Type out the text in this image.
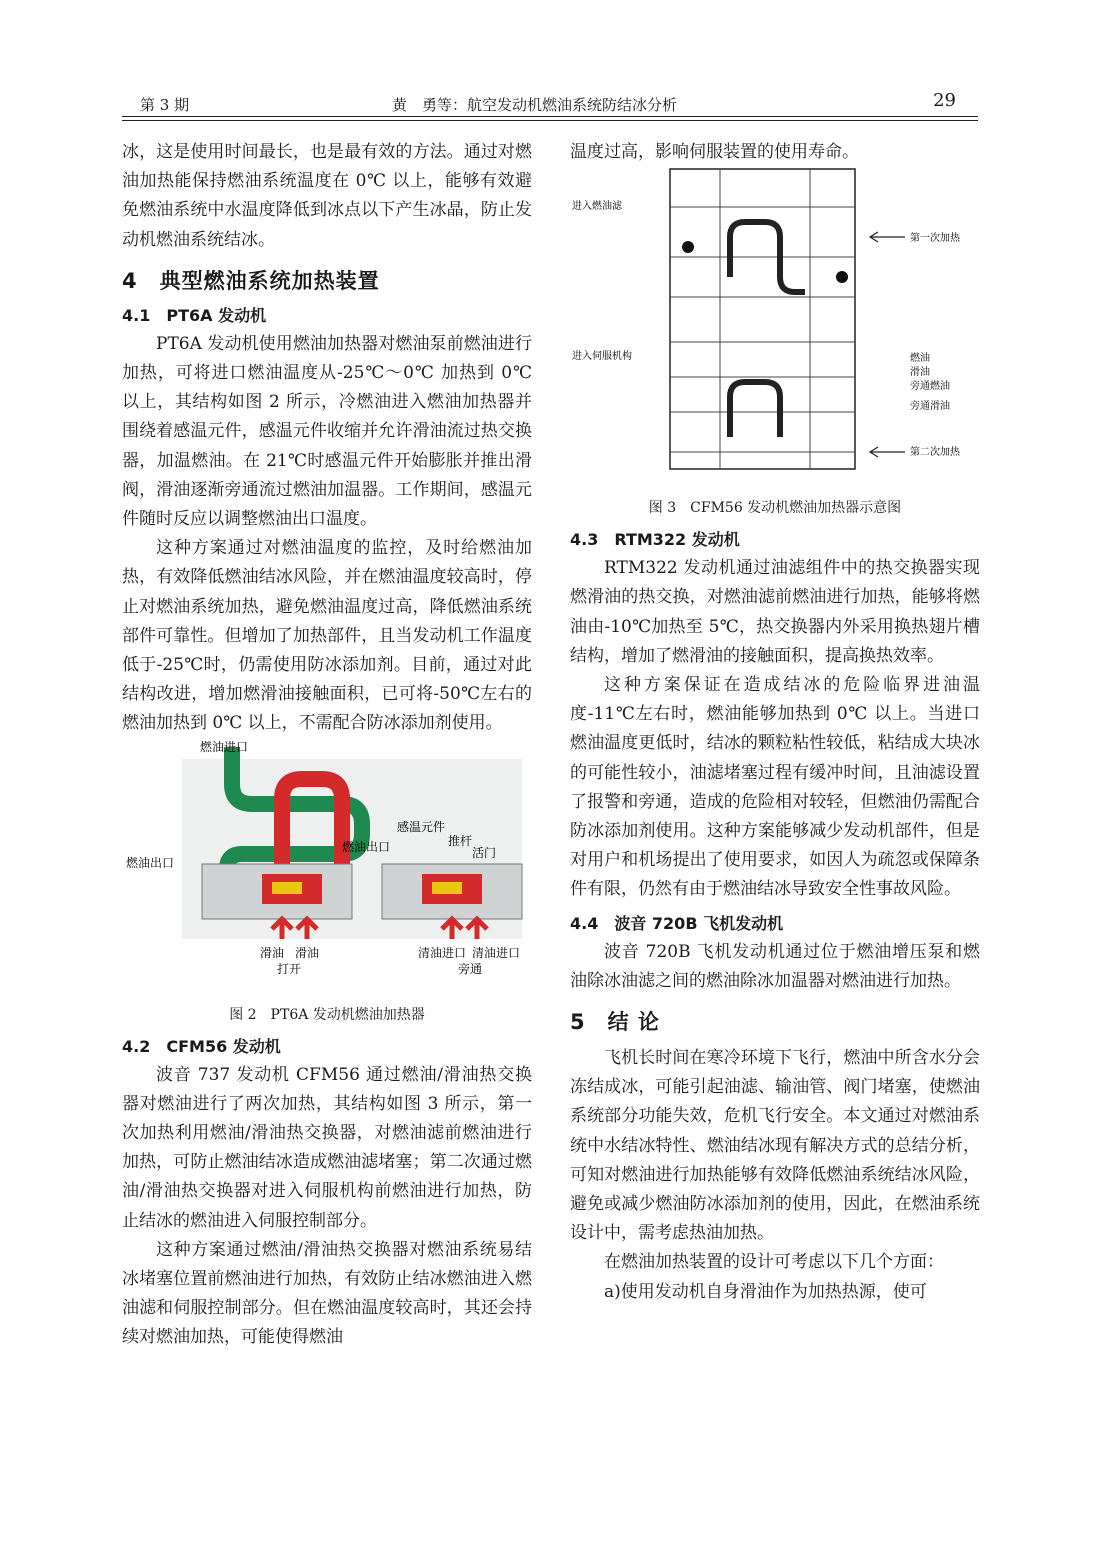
第 3 期	黄　勇等：航空发动机燃油系统防结冰分析	29

冰，这是使用时间最长，也是最有效的方法。通过对燃油加热能保持燃油系统温度在 0℃ 以上，能够有效避免燃油系统中水温度降低到冰点以下产生冰晶，防止发动机燃油系统结冰。

4　典型燃油系统加热装置
4.1　PT6A 发动机

PT6A 发动机使用燃油加热器对燃油泵前燃油进行加热，可将进口燃油温度从-25℃～0℃ 加热到 0℃ 以上，其结构如图 2 所示，冷燃油进入燃油加热器并围绕着感温元件，感温元件收缩并允许滑油流过热交换器，加温燃油。在 21℃时感温元件开始膨胀并推出滑阀，滑油逐渐旁通流过燃油加温器。工作期间，感温元件随时反应以调整燃油出口温度。

这种方案通过对燃油温度的监控，及时给燃油加热，有效降低燃油结冰风险，并在燃油温度较高时，停止对燃油系统加热，避免燃油温度过高，降低燃油系统部件可靠性。但增加了加热部件，且当发动机工作温度低于-25℃时，仍需使用防冰添加剂。目前，通过对此结构改进，增加燃滑油接触面积，已可将-50℃左右的燃油加热到 0℃ 以上，不需配合防冰添加剂使用。

燃油进口
燃油出口
燃油出口
感温元件
推杆
活门
滑油 滑油
打开
清油进口 清油进口
旁通
图 2　PT6A 发动机燃油加热器
4.2　CFM56 发动机

波音 737 发动机 CFM56 通过燃油/滑油热交换器对燃油进行了两次加热，其结构如图 3 所示，第一次加热利用燃油/滑油热交换器，对燃油滤前燃油进行加热，可防止燃油结冰造成燃油滤堵塞；第二次通过燃油/滑油热交换器对进入伺服机构前燃油进行加热，防止结冰的燃油进入伺服控制部分。

这种方案通过燃油/滑油热交换器对燃油系统易结冰堵塞位置前燃油进行加热，有效防止结冰燃油进入燃油滤和伺服控制部分。但在燃油温度较高时，其还会持续对燃油加热，可能使得燃油

温度过高，影响伺服装置的使用寿命。

进入燃油滤
进入伺服机构
第一次加热
第二次加热
燃油
滑油
旁通燃油
旁通滑油
图 3　CFM56 发动机燃油加热器示意图
4.3　RTM322 发动机

RTM322 发动机通过油滤组件中的热交换器实现燃滑油的热交换，对燃油滤前燃油进行加热，能够将燃油由-10℃加热至 5℃，热交换器内外采用换热翅片槽结构，增加了燃滑油的接触面积，提高换热效率。

这种方案保证在造成结冰的危险临界进油温度-11℃左右时，燃油能够加热到 0℃ 以上。当进口燃油温度更低时，结冰的颗粒粘性较低，粘结成大块冰的可能性较小，油滤堵塞过程有缓冲时间，且油滤设置了报警和旁通，造成的危险相对较轻，但燃油仍需配合防冰添加剂使用。这种方案能够减少发动机部件，但是对用户和机场提出了使用要求，如因人为疏忽或保障条件有限，仍然有由于燃油结冰导致安全性事故风险。

4.4　波音 720B 飞机发动机

波音 720B 飞机发动机通过位于燃油增压泵和燃油除冰油滤之间的燃油除冰加温器对燃油进行加热。

5　结 论

飞机长时间在寒冷环境下飞行，燃油中所含水分会冻结成冰，可能引起油滤、输油管、阀门堵塞，使燃油系统部分功能失效，危机飞行安全。本文通过对燃油系统中水结冰特性、燃油结冰现有解决方式的总结分析，可知对燃油进行加热能够有效降低燃油系统结冰风险，避免或减少燃油防冰添加剂的使用，因此，在燃油系统设计中，需考虑热油加热。

在燃油加热装置的设计可考虑以下几个方面：

a)使用发动机自身滑油作为加热热源，使可
